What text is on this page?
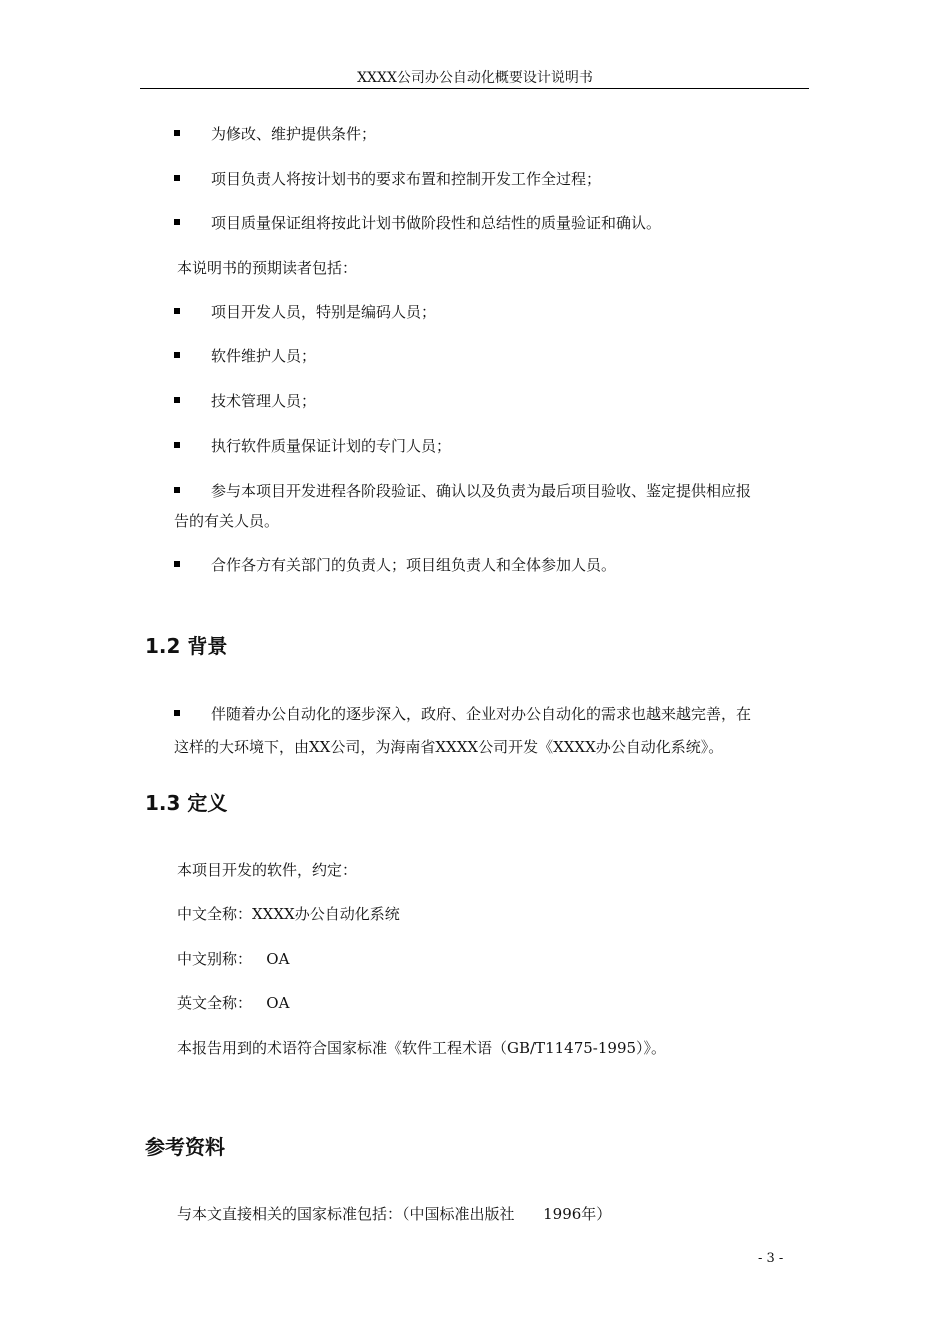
XXXX公司办公自动化概要设计说明书
为修改、维护提供条件；
项目负责人将按计划书的要求布置和控制开发工作全过程；
项目质量保证组将按此计划书做阶段性和总结性的质量验证和确认。
本说明书的预期读者包括：
项目开发人员，特别是编码人员；
软件维护人员；
技术管理人员；
执行软件质量保证计划的专门人员；
参与本项目开发进程各阶段验证、确认以及负责为最后项目验收、鉴定提供相应报
告的有关人员。
合作各方有关部门的负责人；项目组负责人和全体参加人员。
1.2 背景
伴随着办公自动化的逐步深入，政府、企业对办公自动化的需求也越来越完善，在
这样的大环境下，由XX公司，为海南省XXXX公司开发《XXXX办公自动化系统》。
1.3 定义
本项目开发的软件，约定：
中文全称：XXXX办公自动化系统
中文别称：   OA
英文全称：   OA
本报告用到的术语符合国家标准《软件工程术语（GB/T11475-1995）》。
参考资料
与本文直接相关的国家标准包括：（中国标准出版社      1996年）
- 3 -
